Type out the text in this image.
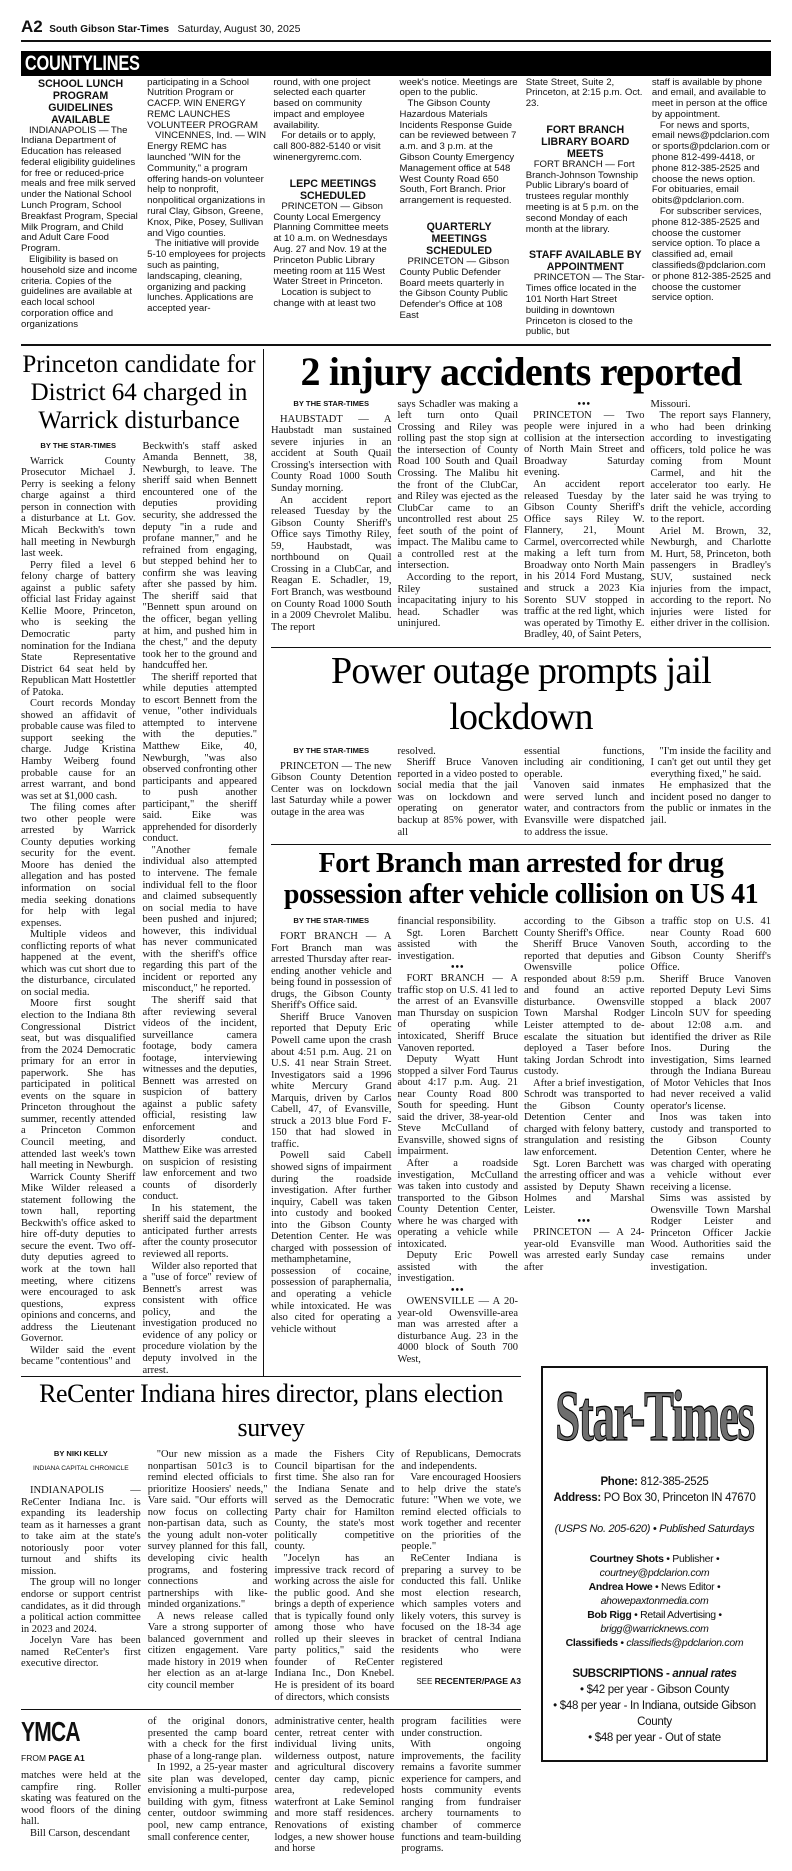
A2 South Gibson Star-Times Saturday, August 30, 2025
COUNTYLINES
SCHOOL LUNCH PROGRAM GUIDELINES AVAILABLE

INDIANAPOLIS — The Indiana Department of Education has released federal eligibility guidelines for free or reduced-price meals and free milk served under the National School Lunch Program, School Breakfast Program, Special Milk Program, and Child and Adult Care Food Program.

Eligibility is based on household size and income criteria. Copies of the guidelines are available at each local school corporation office and organizations

participating in a School Nutrition Program or CACFP. WIN ENERGY REMC LAUNCHES VOLUNTEER PROGRAM

VINCENNES, Ind. — WIN Energy REMC has launched "WIN for the Community," a program offering hands-on volunteer help to nonprofit, nonpolitical organizations in rural Clay, Gibson, Greene, Knox, Pike, Posey, Sullivan and Vigo counties.

The initiative will provide 5-10 employees for projects such as painting, landscaping, cleaning, organizing and packing lunches. Applications are accepted year-

round, with one project selected each quarter based on community impact and employee availability.

For details or to apply, call 800-882-5140 or visit winenergyremc.com.

LEPC MEETINGS SCHEDULED

PRINCETON — Gibson County Local Emergency Planning Committee meets at 10 a.m. on Wednesdays Aug. 27 and Nov. 19 at the Princeton Public Library meeting room at 115 West Water Street in Princeton.

Location is subject to change with at least two

week's notice. Meetings are open to the public.

The Gibson County Hazardous Materials Incidents Response Guide can be reviewed between 7 a.m. and 3 p.m. at the Gibson County Emergency Management office at 548 West County Road 650 South, Fort Branch. Prior arrangement is requested.

QUARTERLY MEETINGS SCHEDULED

PRINCETON — Gibson County Public Defender Board meets quarterly in the Gibson County Public Defender's Office at 108 East

State Street, Suite 2, Princeton, at 2:15 p.m. Oct. 23.

FORT BRANCH LIBRARY BOARD MEETS

FORT BRANCH — Fort Branch-Johnson Township Public Library's board of trustees regular monthly meeting is at 5 p.m. on the second Monday of each month at the library.

STAFF AVAILABLE BY APPOINTMENT

PRINCETON — The Star-Times office located in the 101 North Hart Street building in downtown Princeton is closed to the public, but

staff is available by phone and email, and available to meet in person at the office by appointment.

For news and sports, email news@pdclarion.com or sports@pdclarion.com or phone 812-499-4418, or phone 812-385-2525 and choose the news option. For obituaries, email obits@pdclarion.com.

For subscriber services, phone 812-385-2525 and choose the customer service option. To place a classified ad, email classifieds@pdclarion.com or phone 812-385-2525 and choose the customer service option.

Princeton candidate for District 64 charged in Warrick disturbance
BY THE STAR-TIMES

Warrick County Prosecutor Michael J. Perry is seeking a felony charge against a third person in connection with a disturbance at Lt. Gov. Micah Beckwith's town hall meeting in Newburgh last week.

Perry filed a level 6 felony charge of battery against a public safety official last Friday against Kellie Moore, Princeton, who is seeking the Democratic party nomination for the Indiana State Representative District 64 seat held by Republican Matt Hostettler of Patoka.

Court records Monday showed an affidavit of probable cause was filed to support seeking the charge. Judge Kristina Hamby Weiberg found probable cause for an arrest warrant, and bond was set at $1,000 cash.

The filing comes after two other people were arrested by Warrick County deputies working security for the event. Moore has denied the allegation and has posted information on social media seeking donations for help with legal expenses.

Multiple videos and conflicting reports of what happened at the event, which was cut short due to the disturbance, circulated on social media.

Moore first sought election to the Indiana 8th Congressional District seat, but was disqualified from the 2024 Democratic primary for an error in paperwork. She has participated in political events on the square in Princeton throughout the summer, recently attended a Princeton Common Council meeting, and attended last week's town hall meeting in Newburgh.

Warrick County Sheriff Mike Wilder released a statement following the town hall, reporting Beckwith's office asked to hire off-duty deputies to secure the event. Two off-duty deputies agreed to work at the town hall meeting, where citizens were encouraged to ask questions, express opinions and concerns, and address the Lieutenant Governor.

Wilder said the event became "contentious" and

Beckwith's staff asked Amanda Bennett, 38, Newburgh, to leave. The sheriff said when Bennett encountered one of the deputies providing security, she addressed the deputy "in a rude and profane manner," and he refrained from engaging, but stepped behind her to confirm she was leaving after she passed by him. The sheriff said that "Bennett spun around on the officer, began yelling at him, and pushed him in the chest," and the deputy took her to the ground and handcuffed her.

The sheriff reported that while deputies attempted to escort Bennett from the venue, "other individuals attempted to intervene with the deputies." Matthew Eike, 40, Newburgh, "was also observed confronting other participants and appeared to push another participant," the sheriff said. Eike was apprehended for disorderly conduct.

"Another female individual also attempted to intervene. The female individual fell to the floor and claimed subsequently on social media to have been pushed and injured; however, this individual has never communicated with the sheriff's office regarding this part of the incident or reported any misconduct," he reported.

The sheriff said that after reviewing several videos of the incident, surveillance camera footage, body camera footage, interviewing witnesses and the deputies, Bennett was arrested on suspicion of battery against a public safety official, resisting law enforcement and disorderly conduct. Matthew Eike was arrested on suspicion of resisting law enforcement and two counts of disorderly conduct.

In his statement, the sheriff said the department anticipated further arrests after the county prosecutor reviewed all reports.

Wilder also reported that a "use of force" review of Bennett's arrest was consistent with office policy, and the investigation produced no evidence of any policy or procedure violation by the deputy involved in the arrest.

2 injury accidents reported
BY THE STAR-TIMES

HAUBSTADT — A Haubstadt man sustained severe injuries in an accident at South Quail Crossing's intersection with County Road 1000 South Sunday morning.

An accident report released Tuesday by the Gibson County Sheriff's Office says Timothy Riley, 59, Haubstadt, was northbound on Quail Crossing in a ClubCar, and Reagan E. Schadler, 19, Fort Branch, was westbound on County Road 1000 South in a 2009 Chevrolet Malibu. The report

says Schadler was making a left turn onto Quail Crossing and Riley was rolling past the stop sign at the intersection of County Road 100 South and Quail Crossing. The Malibu hit the front of the ClubCar, and Riley was ejected as the ClubCar came to an uncontrolled rest about 25 feet south of the point of impact. The Malibu came to a controlled rest at the intersection.

According to the report, Riley sustained incapacitating injury to his head. Schadler was uninjured.

•••

PRINCETON — Two people were injured in a collision at the intersection of North Main Street and Broadway Saturday evening.

An accident report released Tuesday by the Gibson County Sheriff's Office says Riley W. Flannery, 21, Mount Carmel, overcorrected while making a left turn from Broadway onto North Main in his 2014 Ford Mustang, and struck a 2023 Kia Sorento SUV stopped in traffic at the red light, which was operated by Timothy E. Bradley, 40, of Saint Peters,

Missouri.

The report says Flannery, who had been drinking according to investigating officers, told police he was coming from Mount Carmel, and hit the accelerator too early. He later said he was trying to drift the vehicle, according to the report.

Ariel M. Brown, 32, Newburgh, and Charlotte M. Hurt, 58, Princeton, both passengers in Bradley's SUV, sustained neck injuries from the impact, according to the report. No injuries were listed for either driver in the collision.

Power outage prompts jail lockdown
BY THE STAR-TIMES

PRINCETON — The new Gibson County Detention Center was on lockdown last Saturday while a power outage in the area was

resolved.

Sheriff Bruce Vanoven reported in a video posted to social media that the jail was on lockdown and operating on generator backup at 85% power, with all

essential functions, including air conditioning, operable.

Vanoven said inmates were served lunch and water, and contractors from Evansville were dispatched to address the issue.

"I'm inside the facility and I can't get out until they get everything fixed," he said.

He emphasized that the incident posed no danger to the public or inmates in the jail.

Fort Branch man arrested for drug possession after vehicle collision on US 41
BY THE STAR-TIMES

FORT BRANCH — A Fort Branch man was arrested Thursday after rear-ending another vehicle and being found in possession of drugs, the Gibson County Sheriff's Office said.

Sheriff Bruce Vanoven reported that Deputy Eric Powell came upon the crash about 4:51 p.m. Aug. 21 on U.S. 41 near Strain Street. Investigators said a 1996 white Mercury Grand Marquis, driven by Carlos Cabell, 47, of Evansville, struck a 2013 blue Ford F-150 that had slowed in traffic.

Powell said Cabell showed signs of impairment during the roadside investigation. After further inquiry, Cabell was taken into custody and booked into the Gibson County Detention Center. He was charged with possession of methamphetamine, possession of cocaine, possession of paraphernalia, and operating a vehicle while intoxicated. He was also cited for operating a vehicle without

financial responsibility.

Sgt. Loren Barchett assisted with the investigation.

•••

FORT BRANCH — A traffic stop on U.S. 41 led to the arrest of an Evansville man Thursday on suspicion of operating while intoxicated, Sheriff Bruce Vanoven reported.

Deputy Wyatt Hunt stopped a silver Ford Taurus about 4:17 p.m. Aug. 21 near County Road 800 South for speeding. Hunt said the driver, 38-year-old Steve McCulland of Evansville, showed signs of impairment.

After a roadside investigation, McCulland was taken into custody and transported to the Gibson County Detention Center, where he was charged with operating a vehicle while intoxicated.

Deputy Eric Powell assisted with the investigation.

•••

OWENSVILLE — A 20-year-old Owensville-area man was arrested after a disturbance Aug. 23 in the 4000 block of South 700 West,

according to the Gibson County Sheriff's Office.

Sheriff Bruce Vanoven reported that deputies and Owensville police responded about 8:59 p.m. and found an active disturbance. Owensville Town Marshal Rodger Leister attempted to de-escalate the situation but deployed a Taser before taking Jordan Schrodt into custody.

After a brief investigation, Schrodt was transported to the Gibson County Detention Center and charged with felony battery, strangulation and resisting law enforcement.

Sgt. Loren Barchett was the arresting officer and was assisted by Deputy Shawn Holmes and Marshal Leister.

•••

PRINCETON — A 24-year-old Evansville man was arrested early Sunday after

a traffic stop on U.S. 41 near County Road 600 South, according to the Gibson County Sheriff's Office.

Sheriff Bruce Vanoven reported Deputy Levi Sims stopped a black 2007 Lincoln SUV for speeding about 12:08 a.m. and identified the driver as Rile Inos. During the investigation, Sims learned through the Indiana Bureau of Motor Vehicles that Inos had never received a valid operator's license.

Inos was taken into custody and transported to the Gibson County Detention Center, where he was charged with operating a vehicle without ever receiving a license.

Sims was assisted by Owensville Town Marshal Rodger Leister and Princeton Officer Jackie Wood. Authorities said the case remains under investigation.

ReCenter Indiana hires director, plans election survey
BY NIKI KELLY
INDIANA CAPITAL CHRONICLE

INDIANAPOLIS — ReCenter Indiana Inc. is expanding its leadership team as it harnesses a grant to take aim at the state's notoriously poor voter turnout and shifts its mission.

The group will no longer endorse or support centrist candidates, as it did through a political action committee in 2023 and 2024.

Jocelyn Vare has been named ReCenter's first executive director.

"Our new mission as a nonpartisan 501c3 is to remind elected officials to prioritize Hoosiers' needs," Vare said. "Our efforts will now focus on collecting non-partisan data, such as the young adult non-voter survey planned for this fall, developing civic health programs, and fostering connections and partnerships with like-minded organizations."

A news release called Vare a strong supporter of balanced government and citizen engagement. Vare made history in 2019 when her election as an at-large city council member

made the Fishers City Council bipartisan for the first time. She also ran for the Indiana Senate and served as the Democratic Party chair for Hamilton County, the state's most politically competitive county.

"Jocelyn has an impressive track record of working across the aisle for the public good. And she brings a depth of experience that is typically found only among those who have rolled up their sleeves in party politics," said the founder of ReCenter Indiana Inc., Don Knebel. He is president of its board of directors, which consists

of Republicans, Democrats and independents.

Vare encouraged Hoosiers to help drive the state's future: "When we vote, we remind elected officials to work together and recenter on the priorities of the people."

ReCenter Indiana is preparing a survey to be conducted this fall. Unlike most election research, which samples voters and likely voters, this survey is focused on the 18-34 age bracket of central Indiana residents who were registered

SEE RECENTER/PAGE A3
YMCA
FROM PAGE A1

matches were held at the campfire ring. Roller skating was featured on the wood floors of the dining hall.

Bill Carson, descendant

of the original donors, presented the camp board with a check for the first phase of a long-range plan.

In 1992, a 25-year master site plan was developed, envisioning a multi-purpose building with gym, fitness center, outdoor swimming pool, new camp entrance, small conference center,

administrative center, health center, retreat center with individual living units, wilderness outpost, nature and agricultural discovery center day camp, picnic area, redeveloped waterfront at Lake Seminol and more staff residences. Renovations of existing lodges, a new shower house and horse

program facilities were under construction.

With ongoing improvements, the facility remains a favorite summer experience for campers, and hosts community events ranging from fundraiser archery tournaments to chamber of commerce functions and team-building programs.

Star-Times
Phone: 812-385-2525
Address: PO Box 30, Princeton IN 47670
(USPS No. 205-620) • Published Saturdays
Courtney Shots • Publisher • courtney@pdclarion.com
Andrea Howe • News Editor • ahowepaxtonmedia.com
Bob Rigg • Retail Advertising • brigg@warricknews.com
Classifieds • classifieds@pdclarion.com
SUBSCRIPTIONS - annual rates
• $42 per year - Gibson County
• $48 per year - In Indiana, outside Gibson County
• $48 per year - Out of state
